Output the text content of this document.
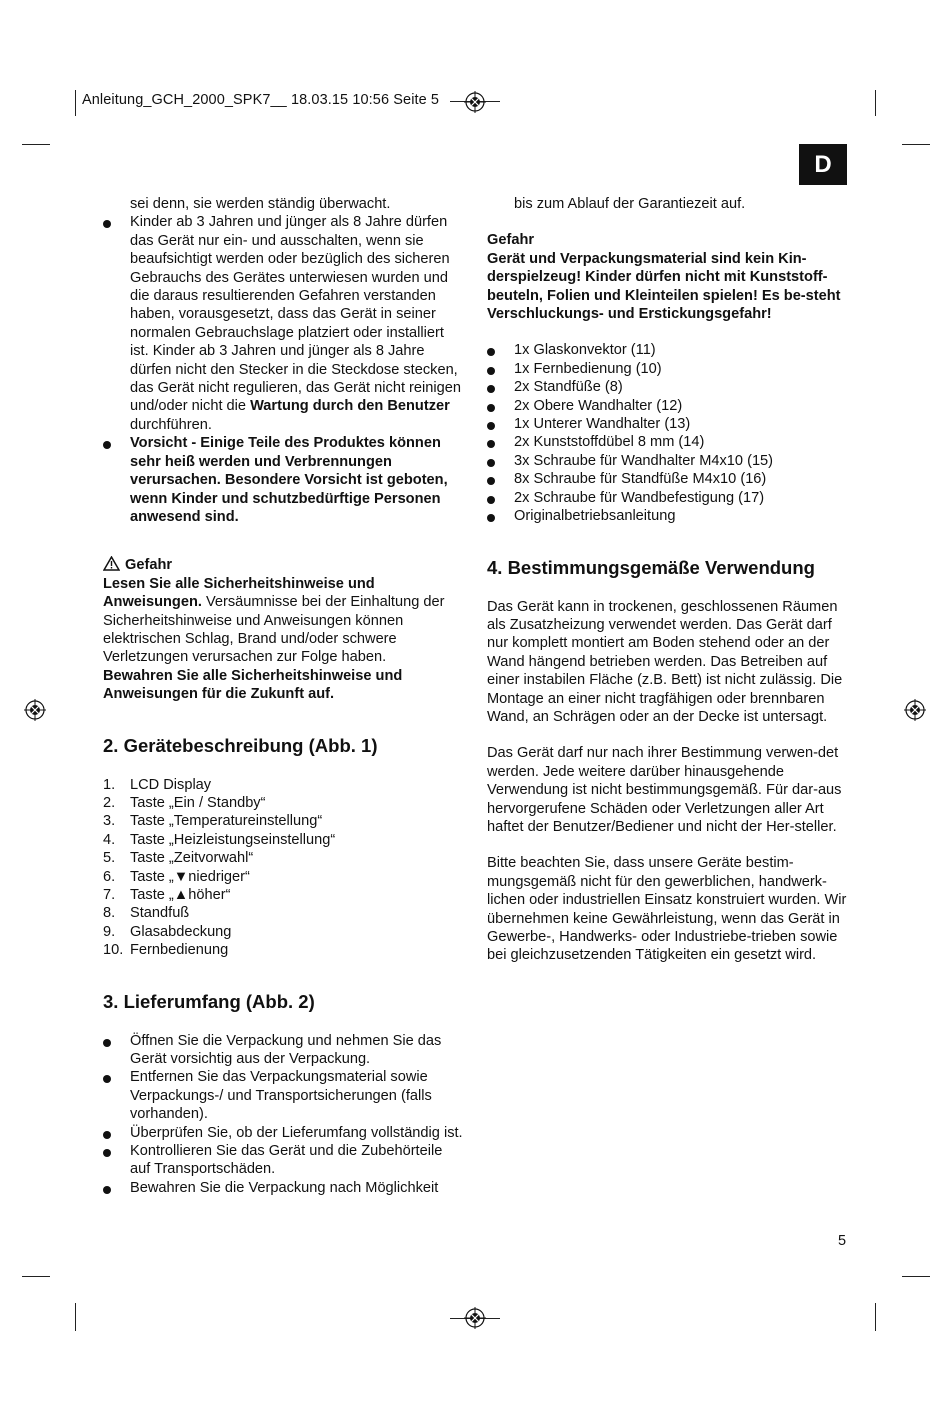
Anleitung_GCH_2000_SPK7__ 18.03.15 10:56 Seite 5
D

sei denn, sie werden ständig überwacht.

Kinder ab 3 Jahren und jünger als 8 Jahre dürfen das Gerät nur ein- und ausschalten, wenn sie beaufsichtigt werden oder bezüglich des sicheren Gebrauchs des Gerätes unterwiesen wurden und die daraus resultierenden Gefahren verstanden haben, vorausgesetzt, dass das Gerät in seiner normalen Gebrauchslage platziert oder installiert ist. Kinder ab 3 Jahren und jünger als 8 Jahre dürfen nicht den Stecker in die Steckdose stecken, das Gerät nicht regulieren, das Gerät nicht reinigen und/oder nicht die Wartung durch den Benutzer durchführen.

Vorsicht - Einige Teile des Produktes können sehr heiß werden und Verbrennungen verursachen. Besondere Vorsicht ist geboten, wenn Kinder und schutzbedürftige Personen anwesend sind.

Gefahr

Lesen Sie alle Sicherheitshinweise und Anweisungen. Versäumnisse bei der Einhaltung der Sicherheitshinweise und Anweisungen können elektrischen Schlag, Brand und/oder schwere Verletzungen verursachen zur Folge haben.

Bewahren Sie alle Sicherheitshinweise und Anweisungen für die Zukunft auf.

2. Gerätebeschreibung (Abb. 1)

1. LCD Display

2. Taste „Ein / Standby“

3. Taste „Temperatureinstellung“

4. Taste „Heizleistungseinstellung“

5. Taste „Zeitvorwahl“

6. Taste „▼niedriger“

7. Taste „▲höher“

8. Standfuß

9. Glasabdeckung

10. Fernbedienung

3. Lieferumfang (Abb. 2)

Öffnen Sie die Verpackung und nehmen Sie das Gerät vorsichtig aus der Verpackung.

Entfernen Sie das Verpackungsmaterial sowie Verpackungs-/ und Transportsicherungen (falls vorhanden).

Überprüfen Sie, ob der Lieferumfang vollständig ist.

Kontrollieren Sie das Gerät und die Zubehörteile auf Transportschäden.

Bewahren Sie die Verpackung nach Möglichkeit

bis zum Ablauf der Garantiezeit auf.

Gefahr

Gerät und Verpackungsmaterial sind kein Kin-derspielzeug! Kinder dürfen nicht mit Kunststoff-beuteln, Folien und Kleinteilen spielen! Es be-steht Verschluckungs- und Erstickungsgefahr!

1x Glaskonvektor (11)

1x Fernbedienung (10)

2x Standfüße (8)

2x Obere Wandhalter (12)

1x Unterer Wandhalter (13)

2x Kunststoffdübel 8 mm (14)

3x Schraube für Wandhalter M4x10 (15)

8x Schraube für Standfüße M4x10 (16)

2x Schraube für Wandbefestigung (17)

Originalbetriebsanleitung

4. Bestimmungsgemäße Verwendung

Das Gerät kann in trockenen, geschlossenen Räumen als Zusatzheizung verwendet werden. Das Gerät darf nur komplett montiert am Boden stehend oder an der Wand hängend betrieben werden. Das Betreiben auf einer instabilen Fläche (z.B. Bett) ist nicht zulässig. Die Montage an einer nicht tragfähigen oder brennbaren Wand, an Schrägen oder an der Decke ist untersagt.

Das Gerät darf nur nach ihrer Bestimmung verwen-det werden. Jede weitere darüber hinausgehende Verwendung ist nicht bestimmungsgemäß. Für dar-aus hervorgerufene Schäden oder Verletzungen aller Art haftet der Benutzer/Bediener und nicht der Her-steller.

Bitte beachten Sie, dass unsere Geräte bestim-mungsgemäß nicht für den gewerblichen, handwerk-lichen oder industriellen Einsatz konstruiert wurden. Wir übernehmen keine Gewährleistung, wenn das Gerät in Gewerbe-, Handwerks- oder Industriebe-trieben sowie bei gleichzusetzenden Tätigkeiten ein gesetzt wird.

5
